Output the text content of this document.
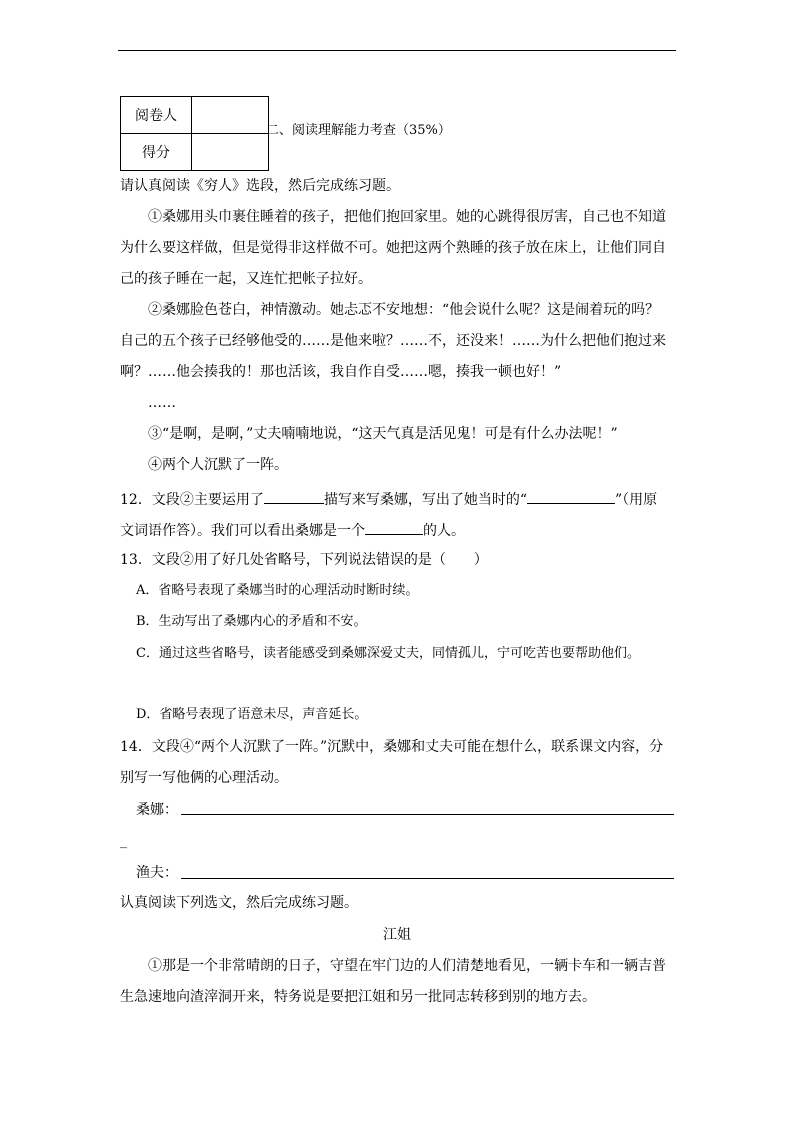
阅卷人	
得分	
二、阅读理解能力考查（35%）
请认真阅读《穷人》选段，然后完成练习题。
①桑娜用头巾裹住睡着的孩子，把他们抱回家里。她的心跳得很厉害，自己也不知道
为什么要这样做，但是觉得非这样做不可。她把这两个熟睡的孩子放在床上，让他们同自
己的孩子睡在一起，又连忙把帐子拉好。
②桑娜脸色苍白，神情激动。她忐忑不安地想：“他会说什么呢？这是闹着玩的吗？
自己的五个孩子已经够他受的……是他来啦？……不，还没来！……为什么把他们抱过来
啊？……他会揍我的！那也活该，我自作自受……嗯，揍我一顿也好！”
……
③“是啊，是啊，”丈夫喃喃地说，“这天气真是活见鬼！可是有什么办法呢！”
④两个人沉默了一阵。
12．文段②主要运用了	描写来写桑娜，写出了她当时的“	”（用原
文词语作答）。我们可以看出桑娜是一个	的人。
13．文段②用了好几处省略号，下列说法错误的是（　　）
A．省略号表现了桑娜当时的心理活动时断时续。
B．生动写出了桑娜内心的矛盾和不安。
C．通过这些省略号，读者能感受到桑娜深爱丈夫，同情孤儿，宁可吃苦也要帮助他们。
D．省略号表现了语意未尽，声音延长。
14．文段④“两个人沉默了一阵。”沉默中，桑娜和丈夫可能在想什么，联系课文内容，分
别写一写他俩的心理活动。
桑娜：
_
渔夫：
认真阅读下列选文，然后完成练习题。
江姐
①那是一个非常晴朗的日子，守望在牢门边的人们清楚地看见，一辆卡车和一辆吉普
生急速地向渣滓洞开来，特务说是要把江姐和另一批同志转移到别的地方去。
